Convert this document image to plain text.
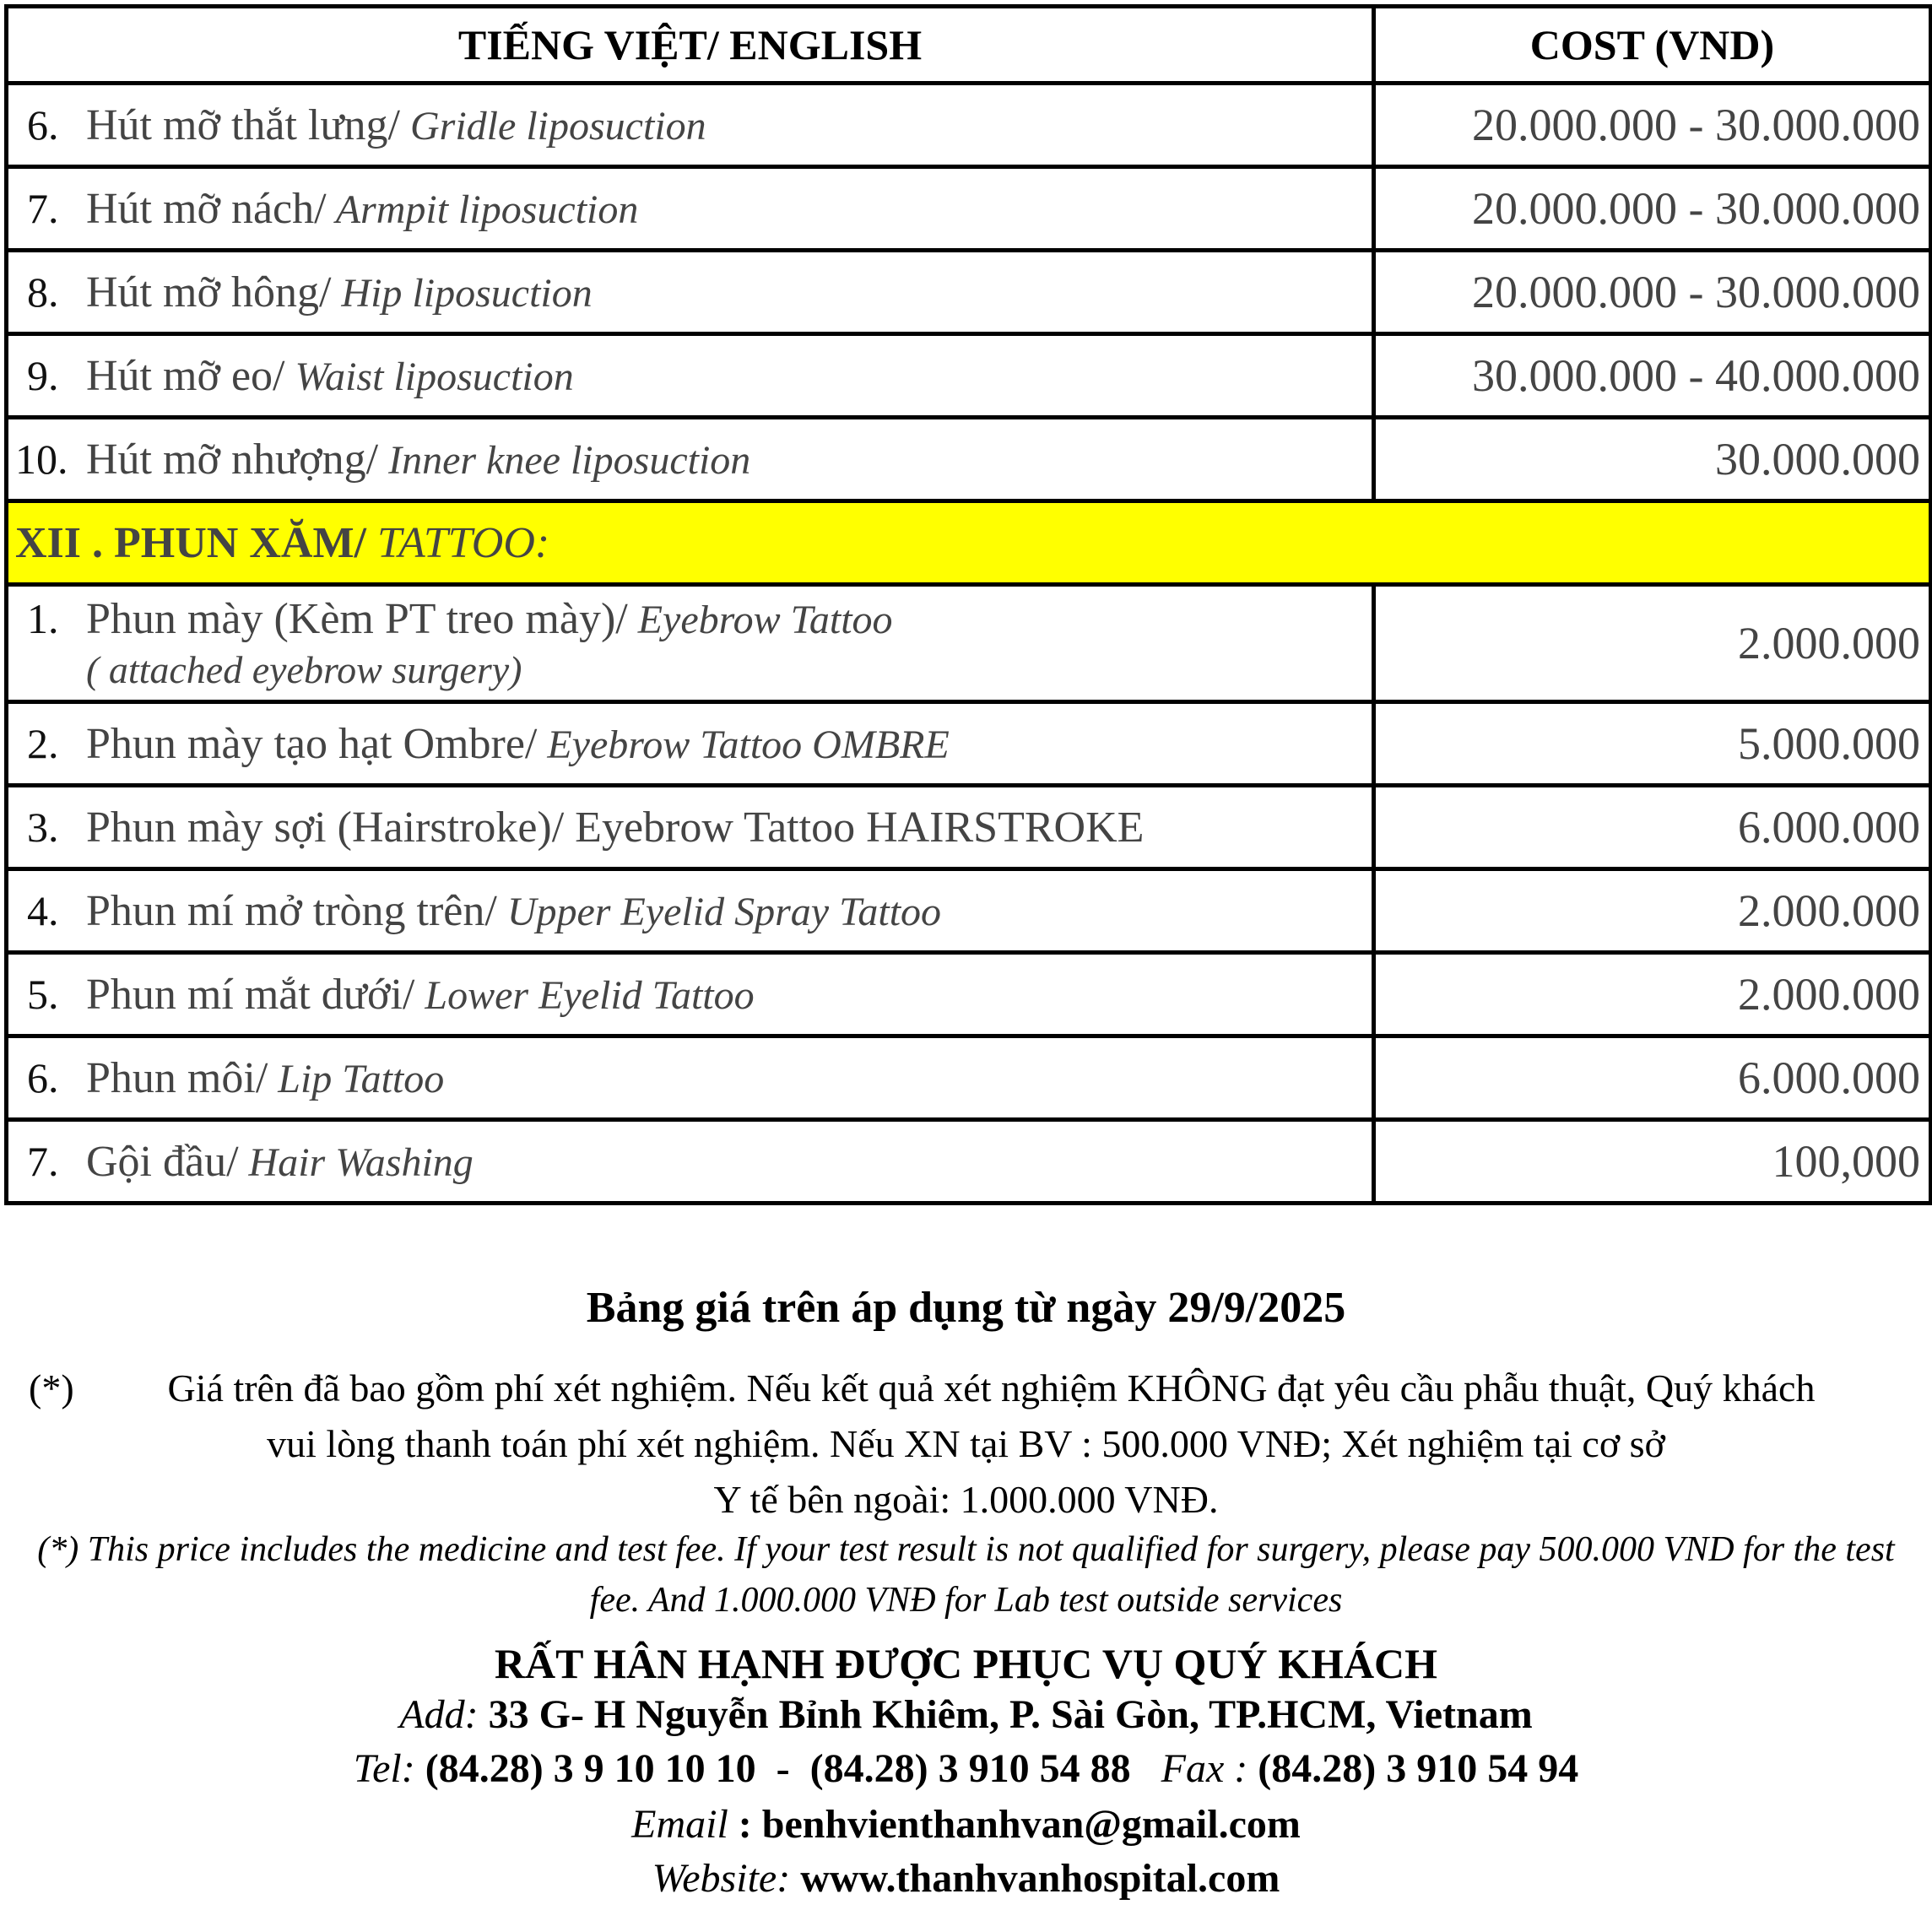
TIẾNG VIỆT/ ENGLISH	COST (VND)
6. Hút mỡ thắt lưng/ Gridle liposuction	20.000.000 - 30.000.000
7. Hút mỡ nách/ Armpit liposuction	20.000.000 - 30.000.000
8. Hút mỡ hông/ Hip liposuction	20.000.000 - 30.000.000
9. Hút mỡ eo/ Waist liposuction	30.000.000 - 40.000.000
10. Hút mỡ nhượng/ Inner knee liposuction	30.000.000
XII . PHUN XĂM/ TATTOO:	
1. Phun mày (Kèm PT treo mày)/ Eyebrow Tattoo
( attached eyebrow surgery)	2.000.000
2. Phun mày tạo hạt Ombre/ Eyebrow Tattoo OMBRE	5.000.000
3. Phun mày sợi (Hairstroke)/ Eyebrow Tattoo HAIRSTROKE	6.000.000
4. Phun mí mở tròng trên/ Upper Eyelid Spray Tattoo	2.000.000
5. Phun mí mắt dưới/ Lower Eyelid Tattoo	2.000.000
6. Phun môi/ Lip Tattoo	6.000.000
7. Gội đầu/ Hair Washing	100,000
Bảng giá trên áp dụng từ ngày 29/9/2025
(*)	Giá trên đã bao gồm phí xét nghiệm. Nếu kết quả xét nghiệm KHÔNG đạt yêu cầu phẫu thuật, Quý khách
vui lòng thanh toán phí xét nghiệm. Nếu XN tại BV : 500.000 VNĐ; Xét nghiệm tại cơ sở
Y tế bên ngoài: 1.000.000 VNĐ.
(*) This price includes the medicine and test fee. If your test result is not qualified for surgery, please pay 500.000 VND for the test
fee. And 1.000.000 VNĐ for Lab test outside services
RẤT HÂN HẠNH ĐƯỢC PHỤC VỤ QUÝ KHÁCH
Add: 33 G- H Nguyễn Bỉnh Khiêm, P. Sài Gòn, TP.HCM, Vietnam
Tel: (84.28) 3 9 10 10 10  -  (84.28) 3 910 54 88 Fax : (84.28) 3 910 54 94
Email : benhvienthanhvan@gmail.com
Website: www.thanhvanhospital.com
